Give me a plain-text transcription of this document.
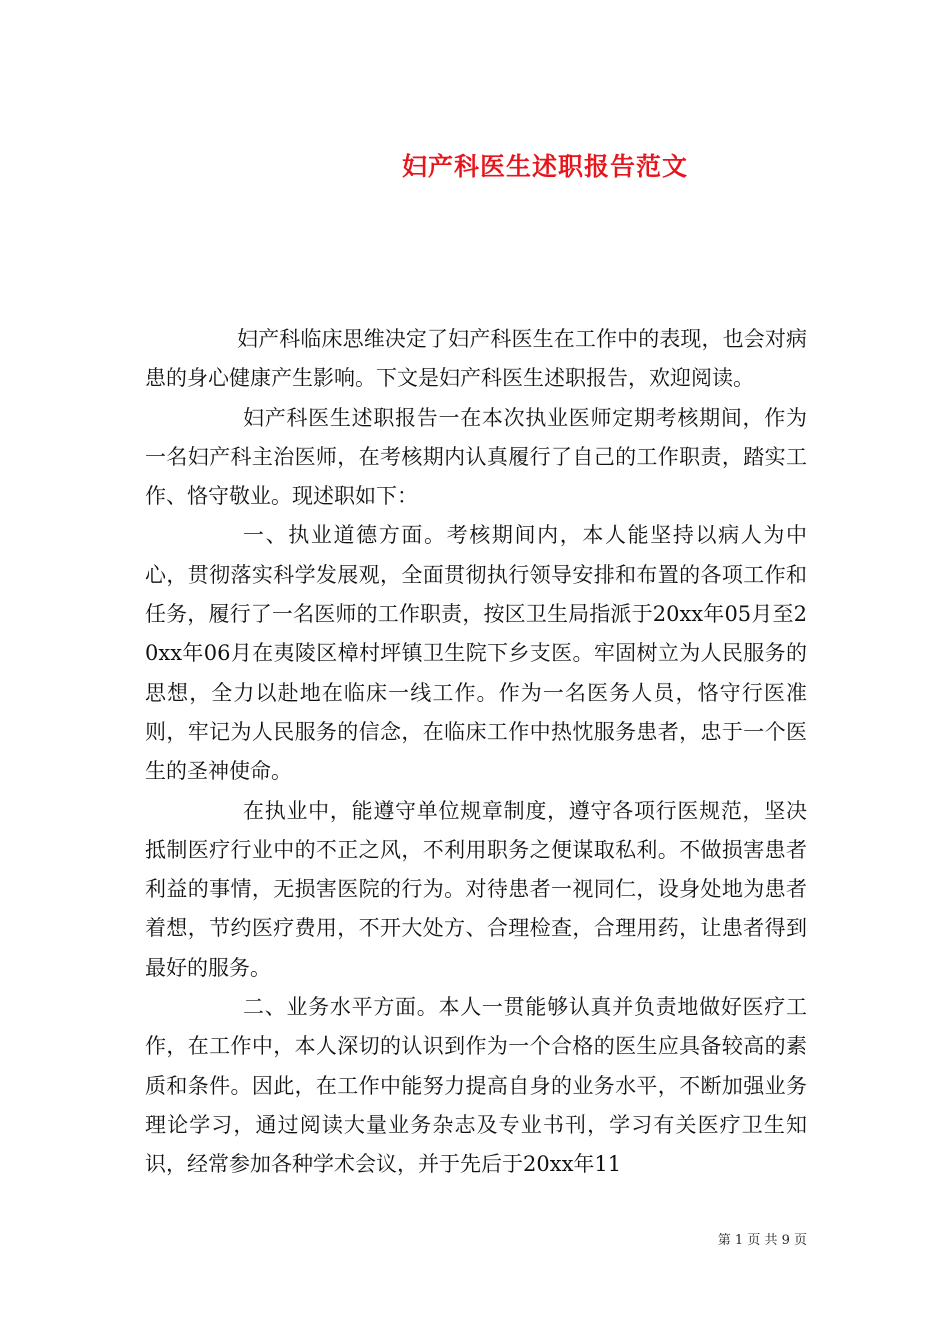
妇产科医生述职报告范文

妇产科临床思维决定了妇产科医生在工作中的表现，也会对病患的身心健康产生影响。下文是妇产科医生述职报告，欢迎阅读。

妇产科医生述职报告一在本次执业医师定期考核期间，作为一名妇产科主治医师，在考核期内认真履行了自己的工作职责，踏实工作、恪守敬业。现述职如下：

一、执业道德方面。考核期间内，本人能坚持以病人为中心，贯彻落实科学发展观，全面贯彻执行领导安排和布置的各项工作和任务，履行了一名医师的工作职责，按区卫生局指派于20xx年05月至20xx年06月在夷陵区樟村坪镇卫生院下乡支医。牢固树立为人民服务的思想，全力以赴地在临床一线工作。作为一名医务人员，恪守行医准则，牢记为人民服务的信念，在临床工作中热忱服务患者，忠于一个医生的圣神使命。

在执业中，能遵守单位规章制度，遵守各项行医规范，坚决抵制医疗行业中的不正之风，不利用职务之便谋取私利。不做损害患者利益的事情，无损害医院的行为。对待患者一视同仁，设身处地为患者着想，节约医疗费用，不开大处方、合理检查，合理用药，让患者得到最好的服务。

二、业务水平方面。本人一贯能够认真并负责地做好医疗工作，在工作中，本人深切的认识到作为一个合格的医生应具备较高的素质和条件。因此，在工作中能努力提高自身的业务水平，不断加强业务理论学习，通过阅读大量业务杂志及专业书刊，学习有关医疗卫生知识，经常参加各种学术会议，并于先后于20xx年11

第 1 页 共 9 页
